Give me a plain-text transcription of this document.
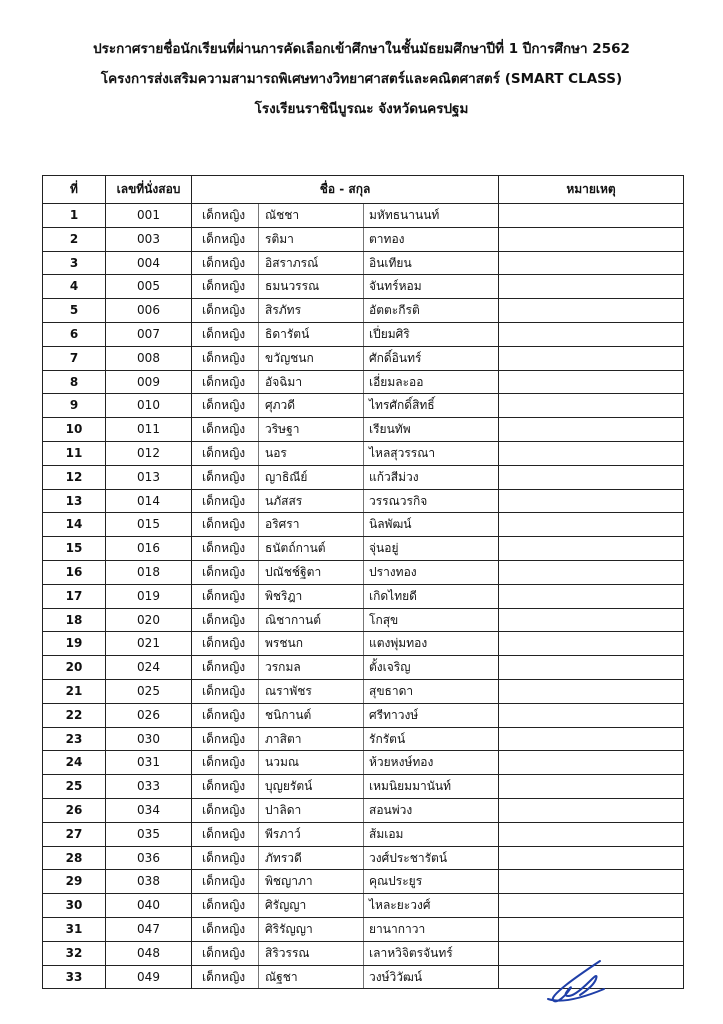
ประกาศรายชื่อนักเรียนที่ผ่านการคัดเลือกเข้าศึกษาในชั้นมัธยมศึกษาปีที่ 1 ปีการศึกษา 2562
โครงการส่งเสริมความสามารถพิเศษทางวิทยาศาสตร์และคณิตศาสตร์ (SMART CLASS)
โรงเรียนราชินีบูรณะ จังหวัดนครปฐม
ที่	เลขที่นั่งสอบ	ชื่อ - สกุล			หมายเหตุ
1	001	เด็กหญิง	ณัชชา	มหัทธนานนท์	
2	003	เด็กหญิง	รติมา	ตาทอง	
3	004	เด็กหญิง	อิสราภรณ์	อินเทียน	
4	005	เด็กหญิง	ธมนวรรณ	จันทร์หอม	
5	006	เด็กหญิง	สิรภัทร	อัตตะกีรติ	
6	007	เด็กหญิง	ธิดารัตน์	เปี่ยมศิริ	
7	008	เด็กหญิง	ขวัญชนก	ศักดิ์อินทร์	
8	009	เด็กหญิง	อัจฉิมา	เอี่ยมละออ	
9	010	เด็กหญิง	ศุภวดี	ไทรศักดิ์สิทธิ์	
10	011	เด็กหญิง	วริษฐา	เรียนทัพ	
11	012	เด็กหญิง	นอร	ไหลสุวรรณา	
12	013	เด็กหญิง	ญาธิณีย์	แก้วสีม่วง	
13	014	เด็กหญิง	นภัสสร	วรรณวรกิจ	
14	015	เด็กหญิง	อริศรา	นิลพัฒน์	
15	016	เด็กหญิง	ธนัตถ์กานต์	จุ่นอยู่	
16	018	เด็กหญิง	ปณัชช์ฐิตา	ปรางทอง	
17	019	เด็กหญิง	พิชริฎา	เกิดไทยดี	
18	020	เด็กหญิง	ณิชากานต์	โกสุข	
19	021	เด็กหญิง	พรชนก	แตงพุ่มทอง	
20	024	เด็กหญิง	วรกมล	ตั้งเจริญ	
21	025	เด็กหญิง	ณราพัชร	สุขธาดา	
22	026	เด็กหญิง	ชนิกานต์	ศรีทาวงษ์	
23	030	เด็กหญิง	ภาสิตา	รักรัตน์	
24	031	เด็กหญิง	นวมณ	ห้วยหงษ์ทอง	
25	033	เด็กหญิง	บุญยรัตน์	เหมนิยมมานันท์	
26	034	เด็กหญิง	ปาลิดา	สอนพ่วง	
27	035	เด็กหญิง	พีรภาว์	ส้มเอม	
28	036	เด็กหญิง	ภัทรวดี	วงศ์ประชารัตน์	
29	038	เด็กหญิง	พิชญาภา	คุณประยูร	
30	040	เด็กหญิง	ศิรัญญา	ไหละยะวงศ์	
31	047	เด็กหญิง	ศิริรัญญา	ยานากาวา	
32	048	เด็กหญิง	สิริวรรณ	เลาหวิจิตรจันทร์	
33	049	เด็กหญิง	ณัฐชา	วงษ์วิวัฒน์	
